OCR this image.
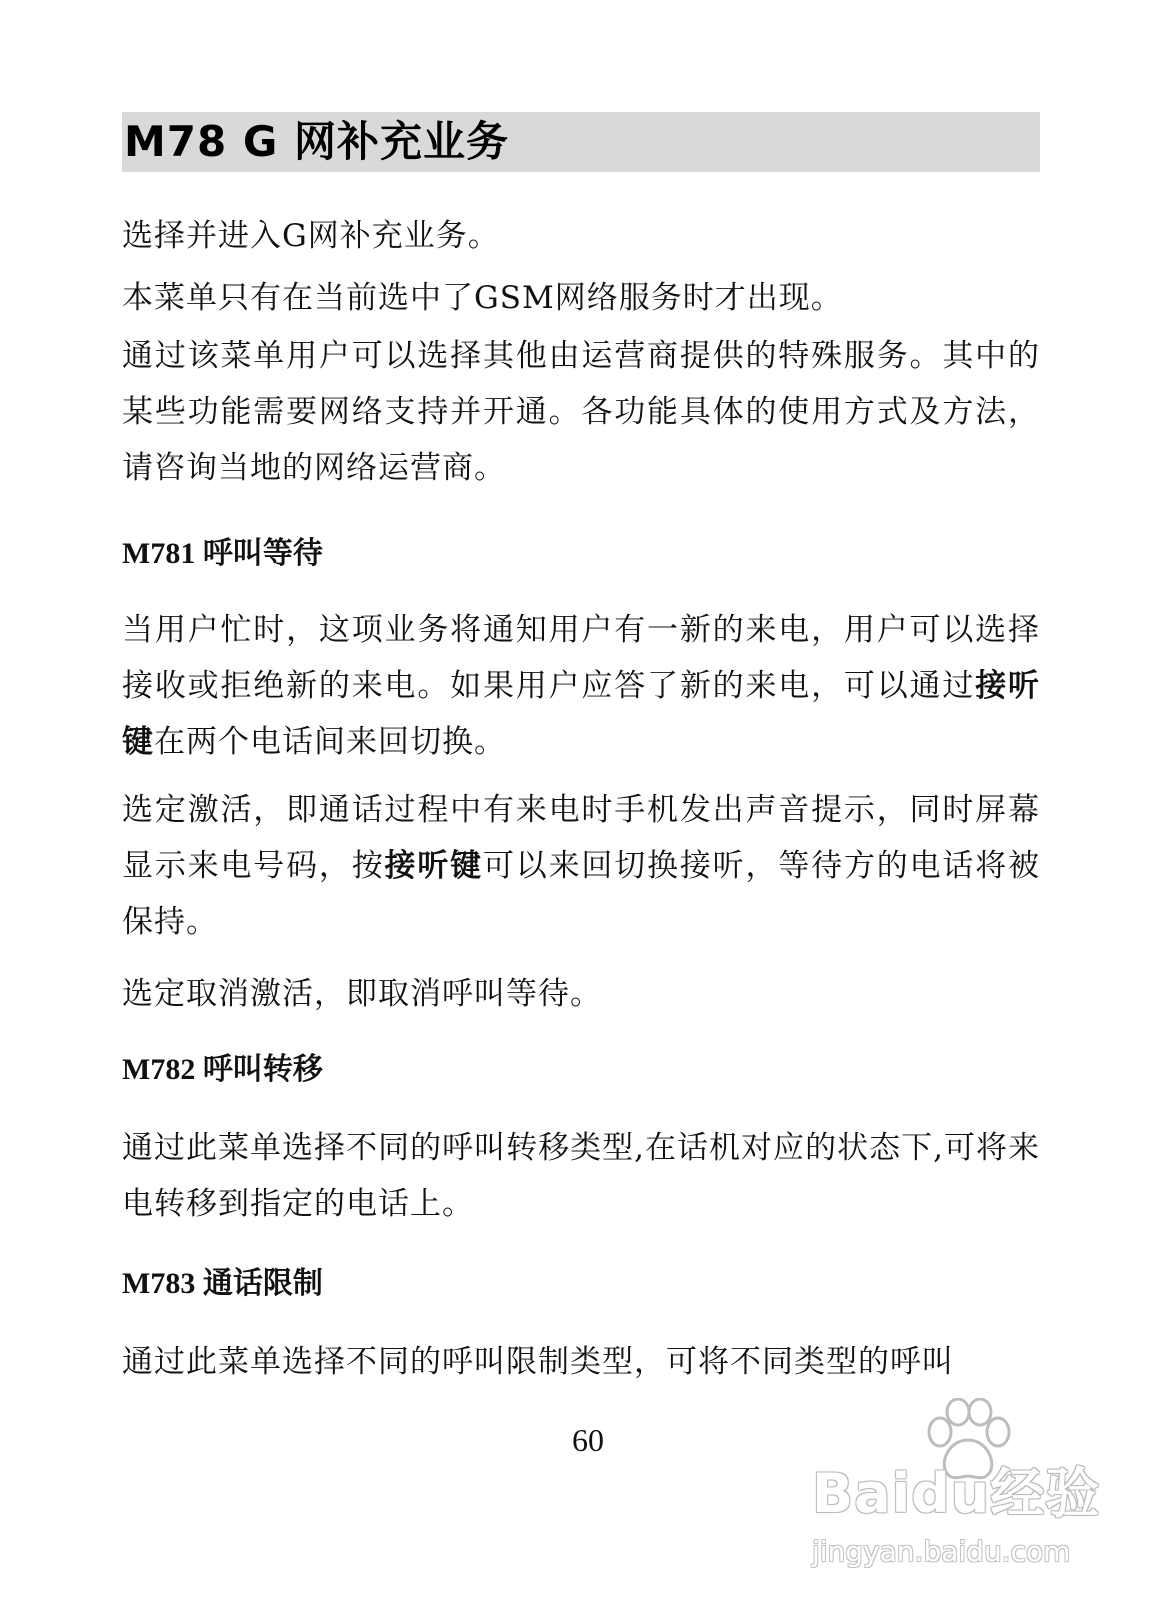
M78 G 网补充业务

选择并进入G网补充业务。

本菜单只有在当前选中了GSM网络服务时才出现。

通过该菜单用户可以选择其他由运营商提供的特殊服务。其中的某些功能需要网络支持并开通。各功能具体的使用方式及方法，请咨询当地的网络运营商。

M781 呼叫等待

当用户忙时，这项业务将通知用户有一新的来电，用户可以选择接收或拒绝新的来电。如果用户应答了新的来电，可以通过接听键在两个电话间来回切换。

选定激活，即通话过程中有来电时手机发出声音提示，同时屏幕显示来电号码，按接听键可以来回切换接听，等待方的电话将被保持。

选定取消激活，即取消呼叫等待。

M782 呼叫转移

通过此菜单选择不同的呼叫转移类型,在话机对应的状态下,可将来电转移到指定的电话上。

M783 通话限制

通过此菜单选择不同的呼叫限制类型，可将不同类型的呼叫

60
Baidu经验
jingyan.baidu.com
